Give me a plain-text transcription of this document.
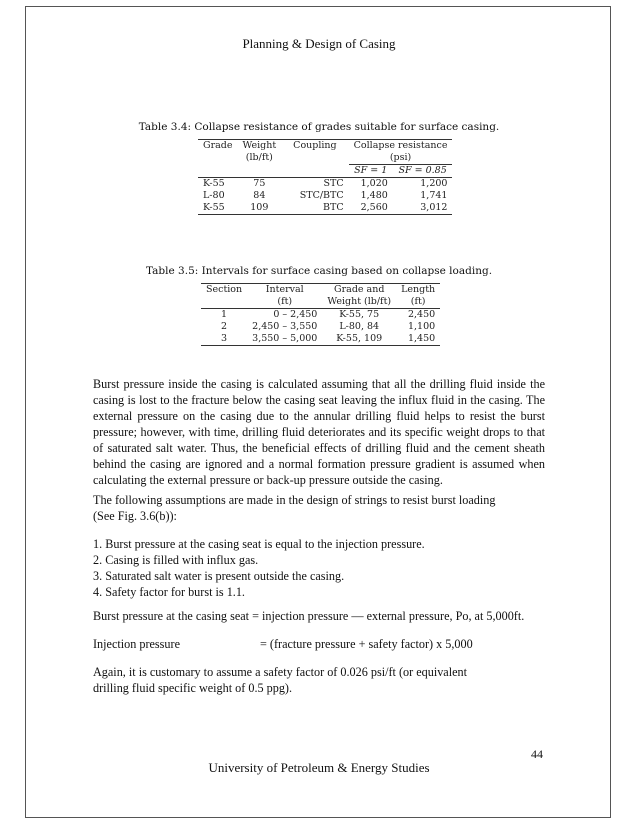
Planning & Design of Casing
Table 3.4: Collapse resistance of grades suitable for surface casing.
Grade	Weight	Coupling	Collapse resistance	
	(lb/ft)		(psi)	
			SF = 1	SF = 0.85
K-55	75	STC	1,020	1,200
L-80	84	STC/BTC	1,480	1,741
K-55	109	BTC	2,560	3,012
Table 3.5: Intervals for surface casing based on collapse loading.
Section	Interval	Grade and	Length
	(ft)	Weight (lb/ft)	(ft)
1	0 – 2,450	K-55, 75	2,450
2	2,450 – 3,550	L-80, 84	1,100
3	3,550 – 5,000	K-55, 109	1,450
Burst pressure inside the casing is calculated assuming that all the drilling fluid inside the casing is lost to the fracture below the casing seat leaving the influx fluid in the casing. The external pressure on the casing due to the annular drilling fluid helps to resist the burst pressure; however, with time, drilling fluid deteriorates and its specific weight drops to that of saturated salt water. Thus, the beneficial effects of drilling fluid and the cement sheath behind the casing are ignored and a normal formation pressure gradient is assumed when calculating the external pressure or back-up pressure outside the casing.
The following assumptions are made in the design of strings to resist burst loading
(See Fig. 3.6(b)):
1. Burst pressure at the casing seat is equal to the injection pressure.
2. Casing is filled with influx gas.
3. Saturated salt water is present outside the casing.
4. Safety factor for burst is 1.1.
Burst pressure at the casing seat = injection pressure — external pressure, Po, at 5,000ft.
Injection pressure	= (fracture pressure + safety factor) x 5,000
Again, it is customary to assume a safety factor of 0.026 psi/ft (or equivalent
drilling fluid specific weight of 0.5 ppg).
44
University of Petroleum & Energy Studies
